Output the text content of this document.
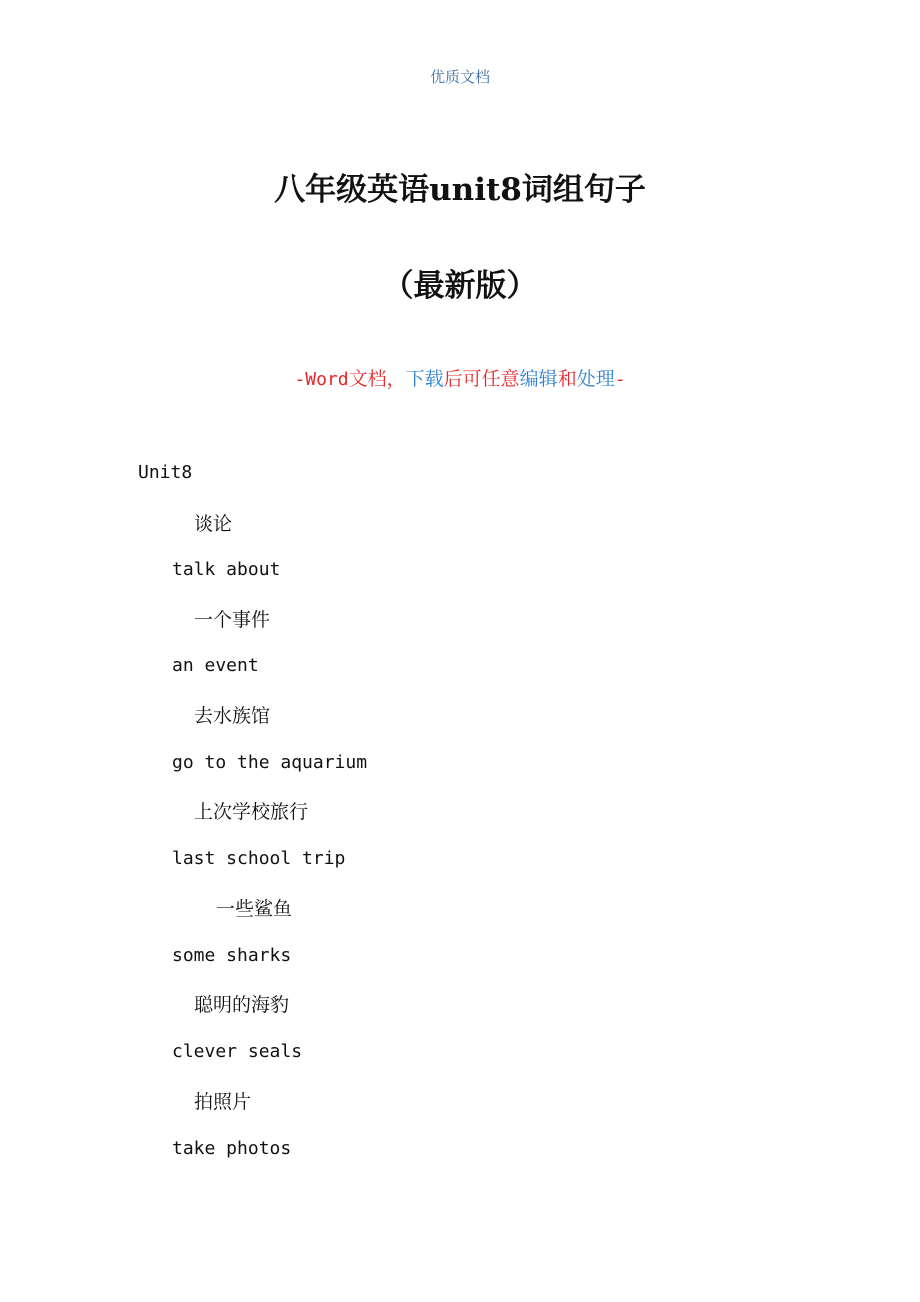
优质文档
八年级英语unit8词组句子
（最新版）
-Word文档，下载后可任意编辑和处理-
Unit8
谈论
talk about
一个事件
an event
去水族馆
go to the aquarium
上次学校旅行
last school trip
一些鲨鱼
some sharks
聪明的海豹
clever seals
拍照片
take photos
